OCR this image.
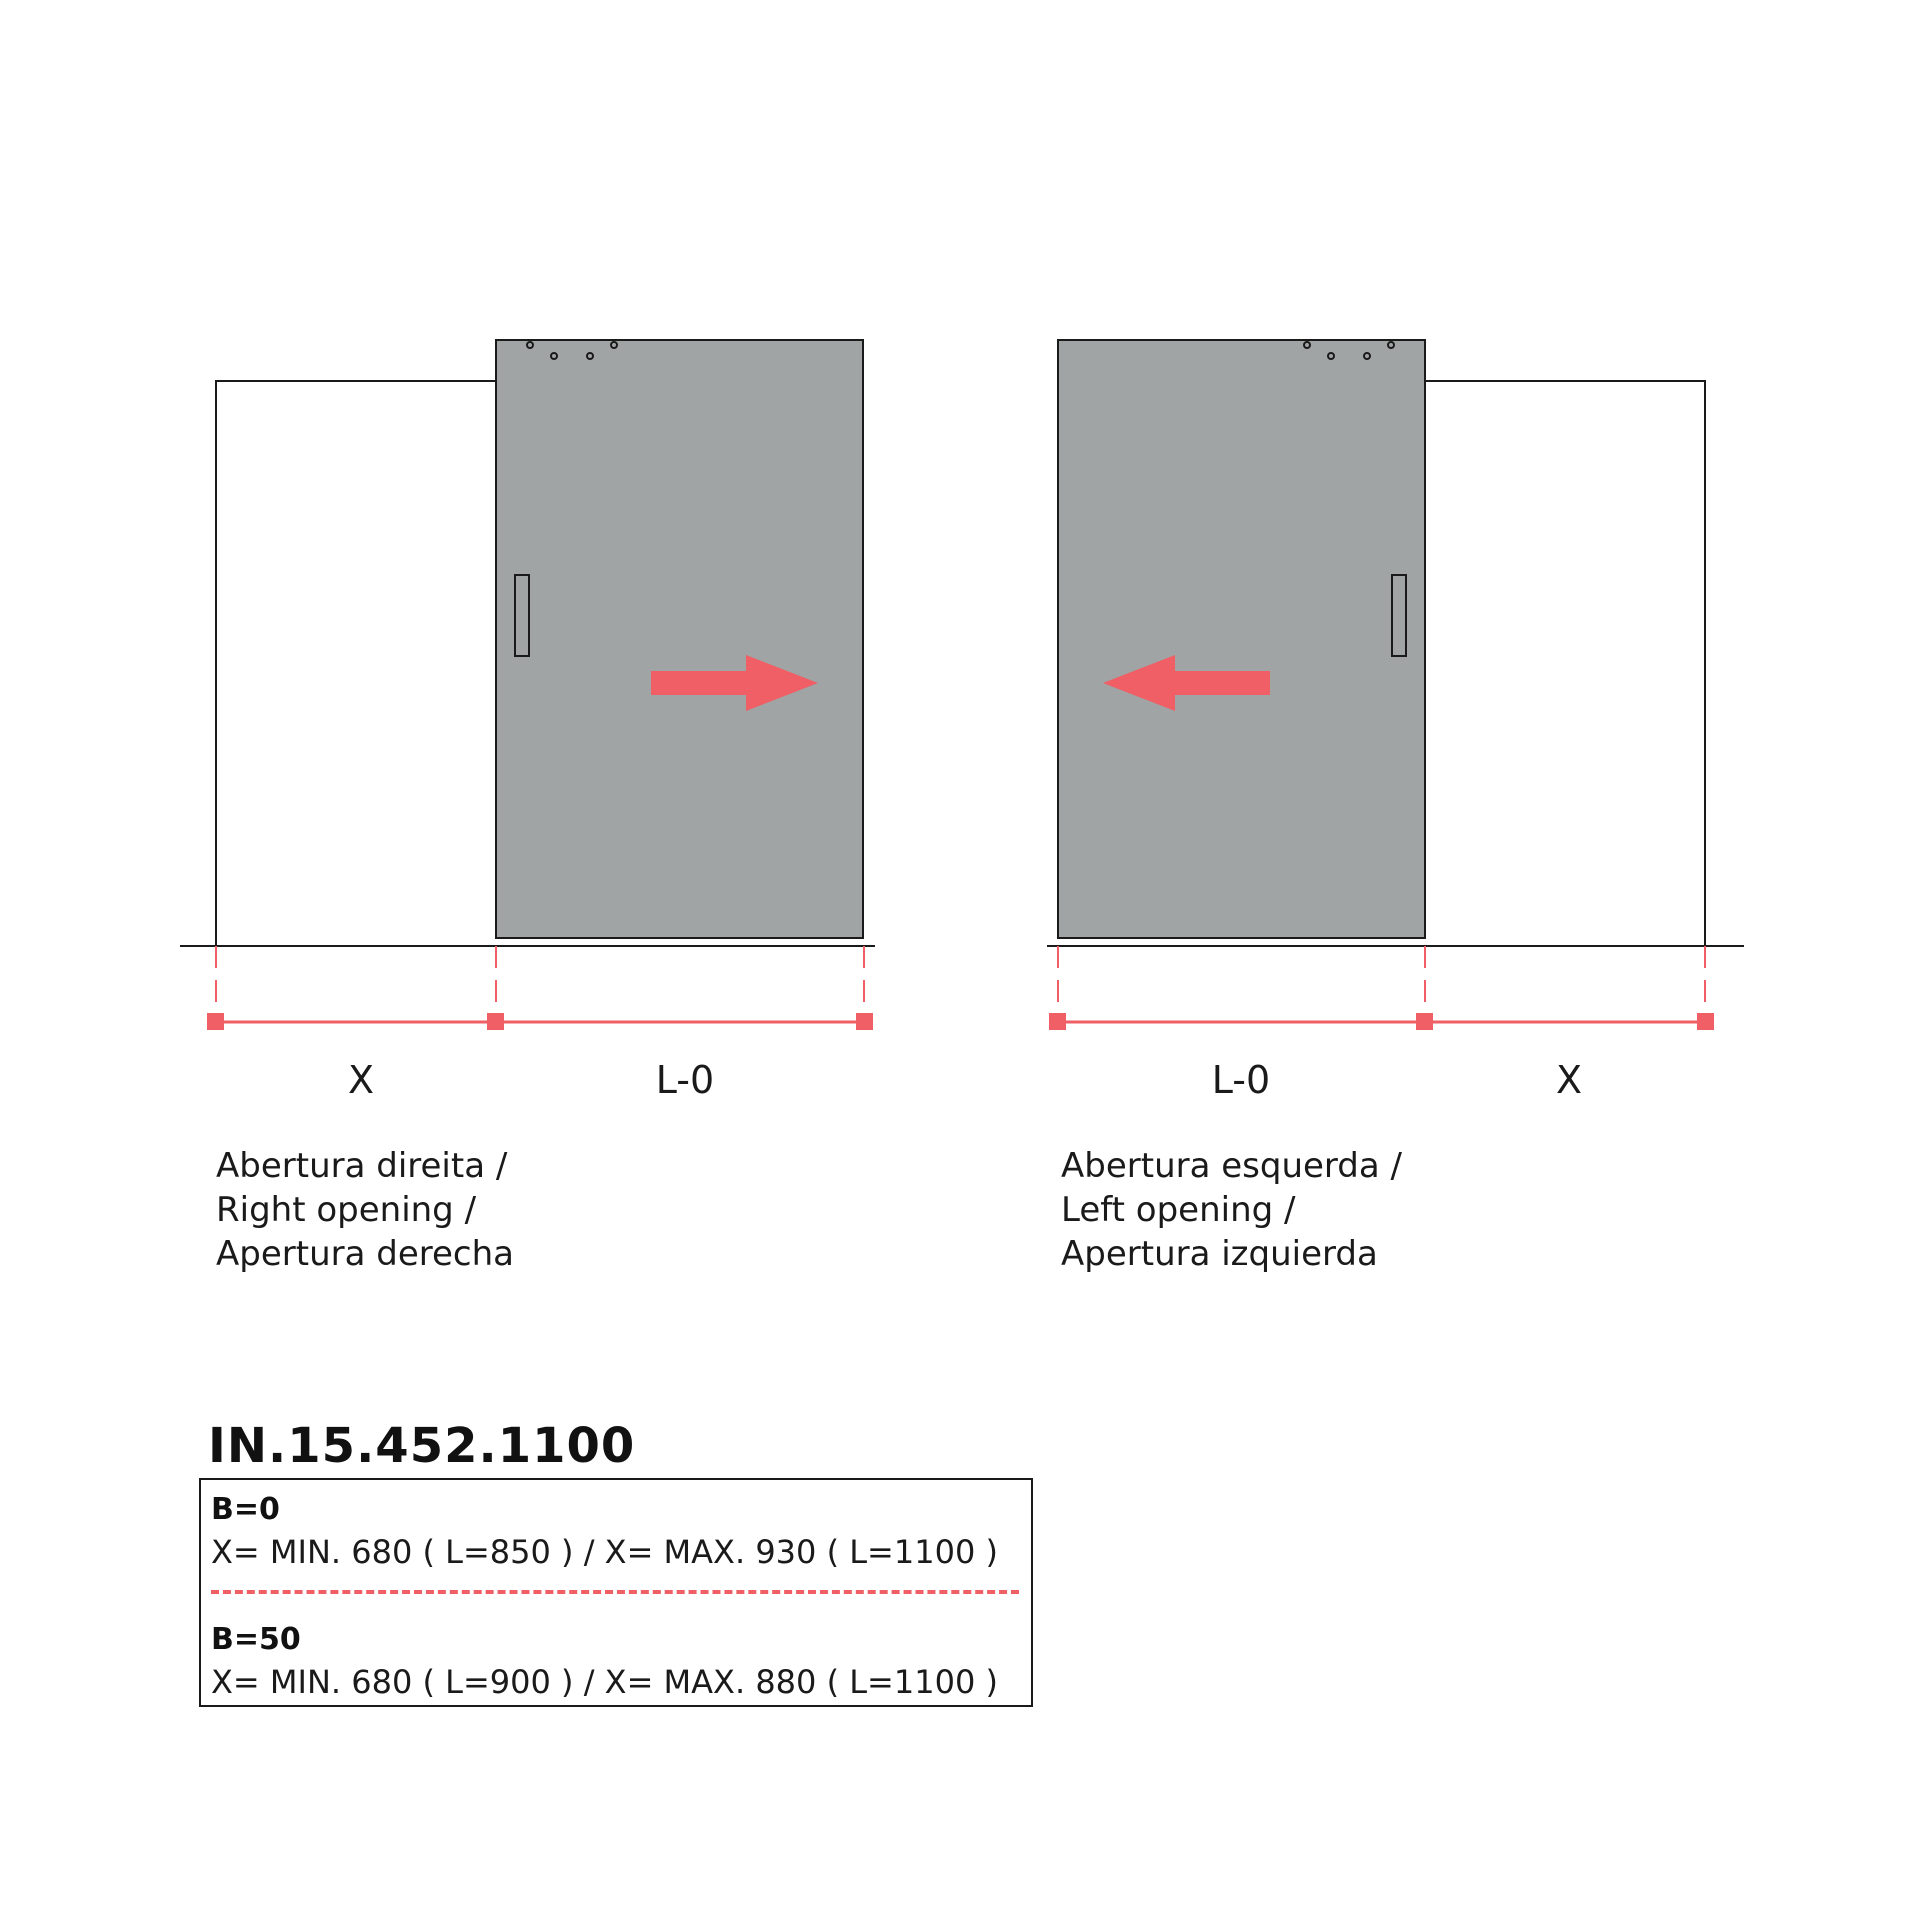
X	L-0	L-0	X
Abertura direita /
Right opening /
Apertura derecha
Abertura esquerda /
Left opening /
Apertura izquierda
IN.15.452.1100
B=0
X= MIN. 680 ( L=850 ) / X= MAX. 930 ( L=1100 )
B=50
X= MIN. 680 ( L=900 ) / X= MAX. 880 ( L=1100 )
